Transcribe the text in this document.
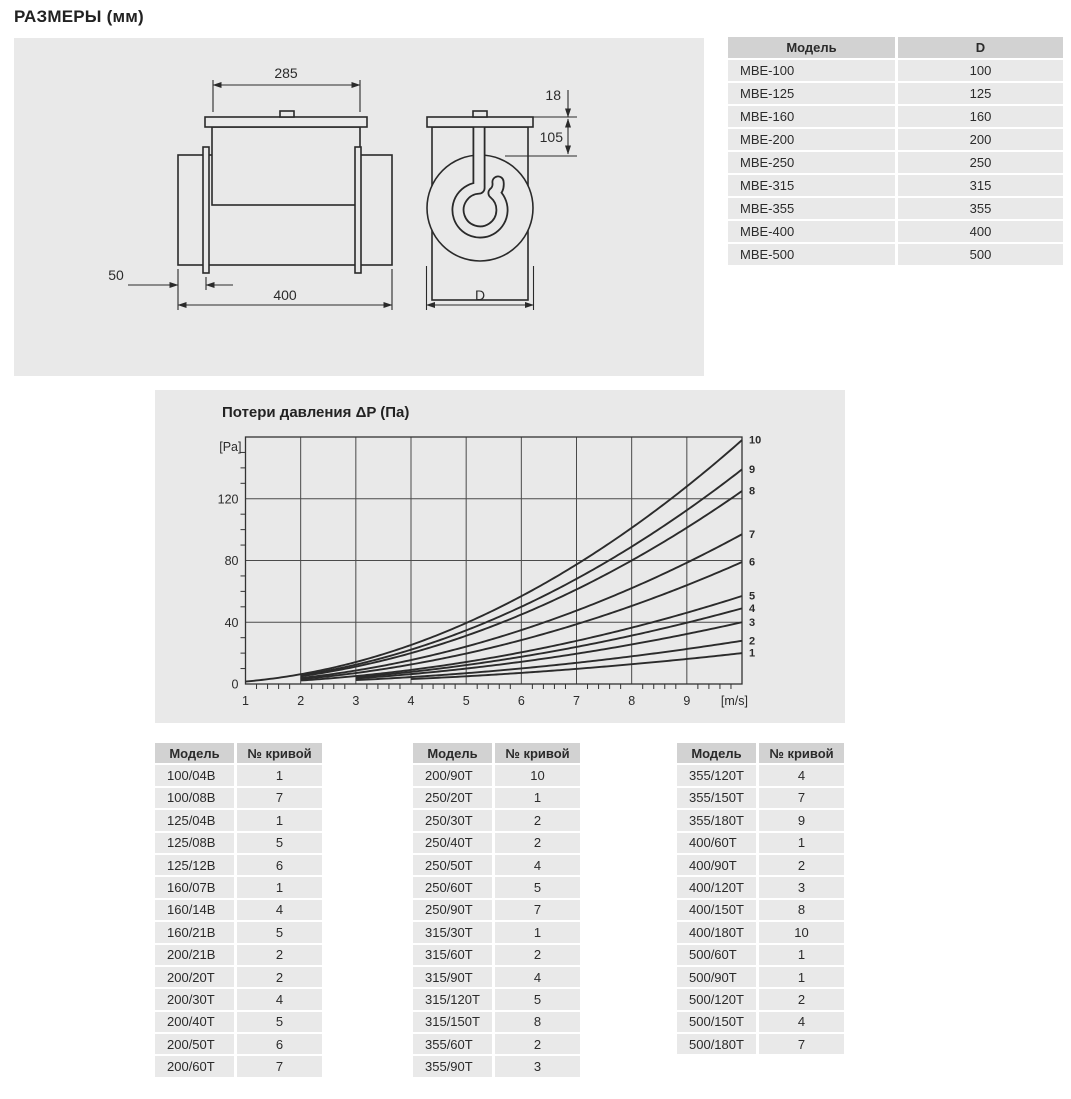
РАЗМЕРЫ (мм)
285
400
50
D
18
105
Модель	D
МВЕ-100	100
МВЕ-125	125
МВЕ-160	160
МВЕ-200	200
МВЕ-250	250
МВЕ-315	315
МВЕ-355	355
МВЕ-400	400
МВЕ-500	500
Потери давления ΔP (Па)
0
40
80
120
1	2	3	4	5	6	7	8	9 [m/s]
[Pa]
1
2
3
4
5
6
7
8
9
10
Модель	№ кривой
100/04B	1
100/08B	7
125/04B	1
125/08B	5
125/12B	6
160/07B	1
160/14B	4
160/21B	5
200/21B	2
200/20T	2
200/30T	4
200/40T	5
200/50T	6
200/60T	7
Модель	№ кривой
200/90T	10
250/20T	1
250/30T	2
250/40T	2
250/50T	4
250/60T	5
250/90T	7
315/30T	1
315/60T	2
315/90T	4
315/120T	5
315/150T	8
355/60T	2
355/90T	3
Модель	№ кривой
355/120T	4
355/150T	7
355/180T	9
400/60T	1
400/90T	2
400/120T	3
400/150T	8
400/180T	10
500/60T	1
500/90T	1
500/120T	2
500/150T	4
500/180T	7
